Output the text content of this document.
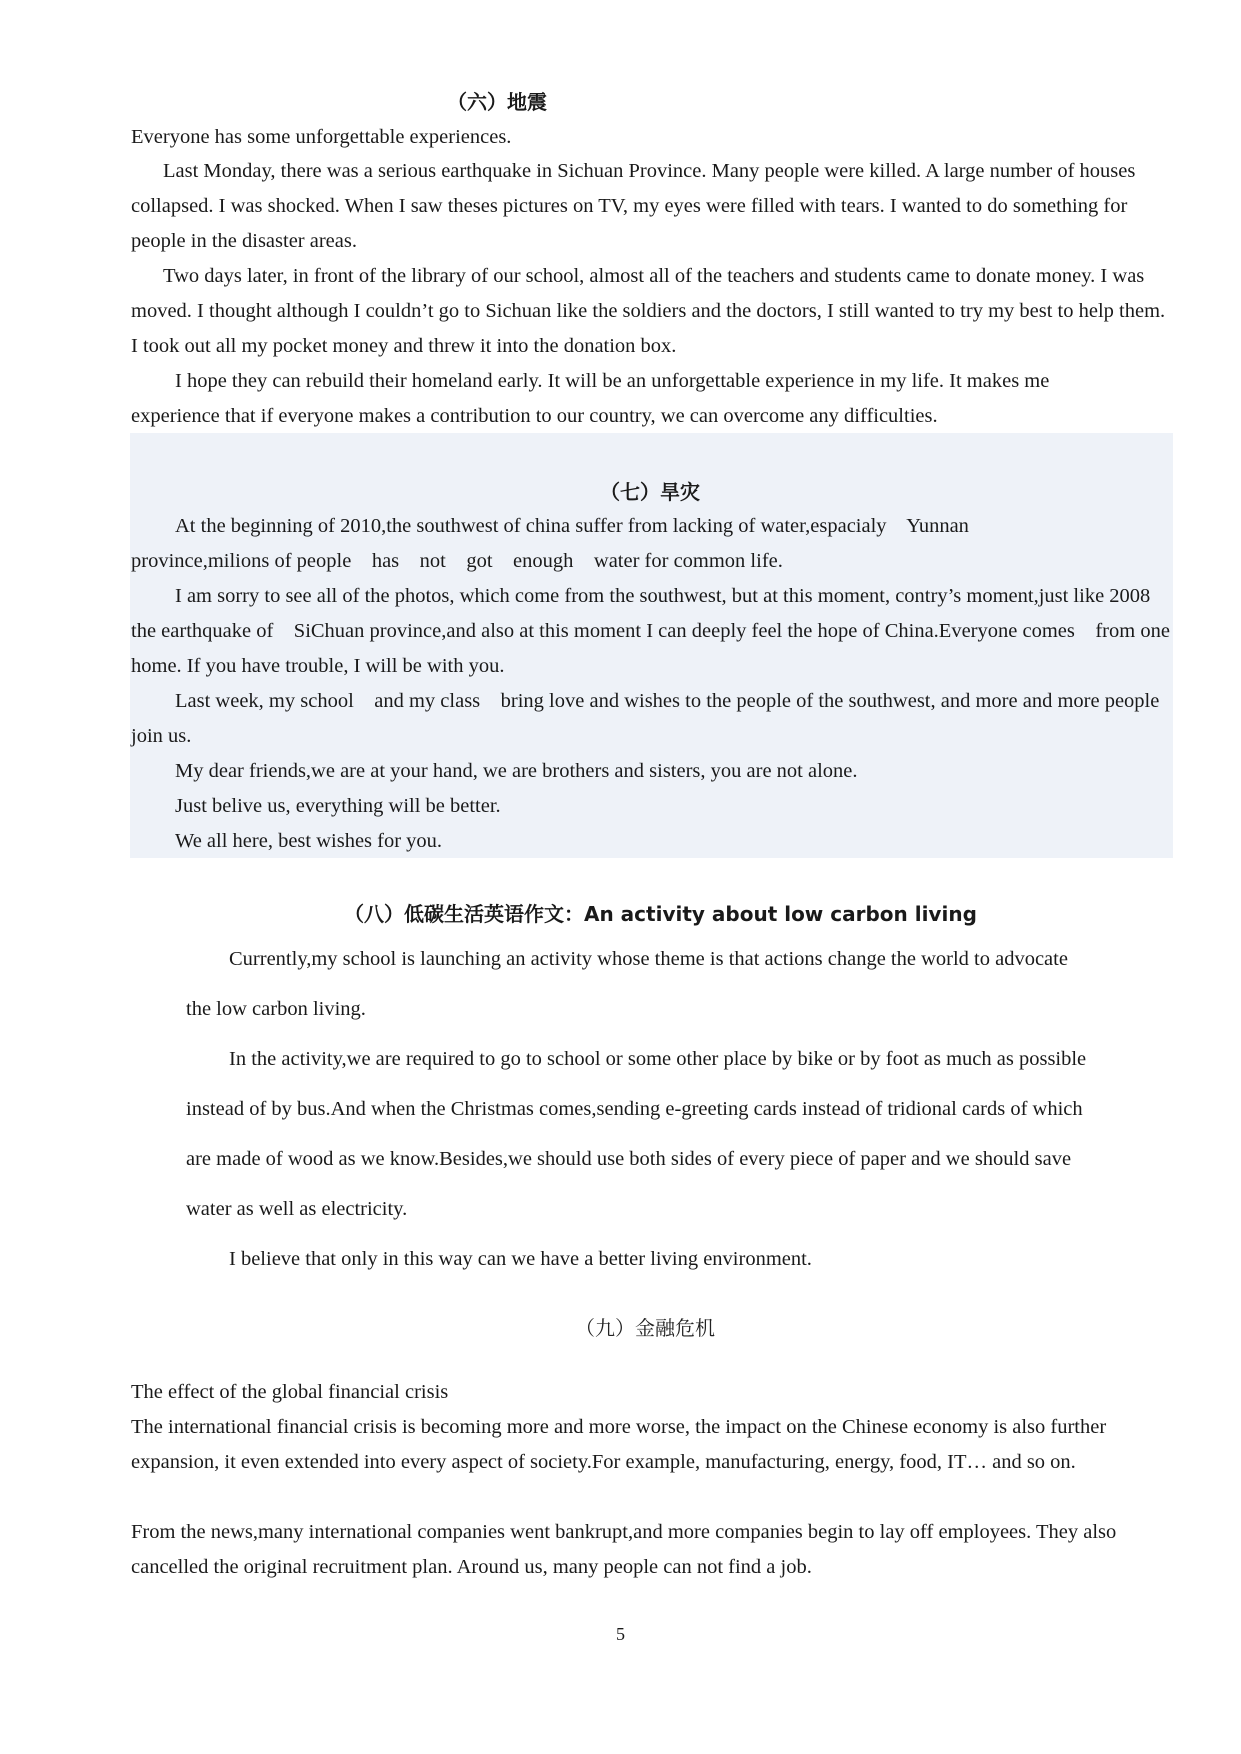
（六）地震

Everyone has some unforgettable experiences.

Last Monday, there was a serious earthquake in Sichuan Province. Many people were killed. A large number of houses collapsed. I was shocked. When I saw theses pictures on TV, my eyes were filled with tears. I wanted to do something for people in the disaster areas.

Two days later, in front of the library of our school, almost all of the teachers and students came to donate money. I was moved. I thought although I couldn’t go to Sichuan like the soldiers and the doctors, I still wanted to try my best to help them. I took out all my pocket money and threw it into the donation box.

I hope they can rebuild their homeland early. It will be an unforgettable experience in my life. It makes me experience that if everyone makes a contribution to our country, we can overcome any difficulties.

（七）旱灾

At the beginning of 2010,the southwest of china suffer from lacking of water,espacialy    Yunnan province,milions of people    has    not    got    enough    water for common life.

I am sorry to see all of the photos, which come from the southwest, but at this moment, contry’s moment,just like 2008 the earthquake of    SiChuan province,and also at this moment I can deeply feel the hope of China.Everyone comes    from one home. If you have trouble, I will be with you.

Last week, my school    and my class    bring love and wishes to the people of the southwest, and more and more people join us.

My dear friends,we are at your hand, we are brothers and sisters, you are not alone.

Just belive us, everything will be better.

We all here, best wishes for you.

（八）低碳生活英语作文：An activity about low carbon living

Currently,my school is launching an activity whose theme is that actions change the world to advocate the low carbon living.

In the activity,we are required to go to school or some other place by bike or by foot as much as possible instead of by bus.And when the Christmas comes,sending e-greeting cards instead of tridional cards of which are made of wood as we know.Besides,we should use both sides of every piece of paper and we should save water as well as electricity.

I believe that only in this way can we have a better living environment.

（九）金融危机

The effect of the global financial crisis

The international financial crisis is becoming more and more worse, the impact on the Chinese economy is also further expansion, it even extended into every aspect of society.For example, manufacturing, energy, food, IT… and so on.

From the news,many international companies went bankrupt,and more companies begin to lay off employees. They also cancelled the original recruitment plan. Around us, many people can not find a job.

5
